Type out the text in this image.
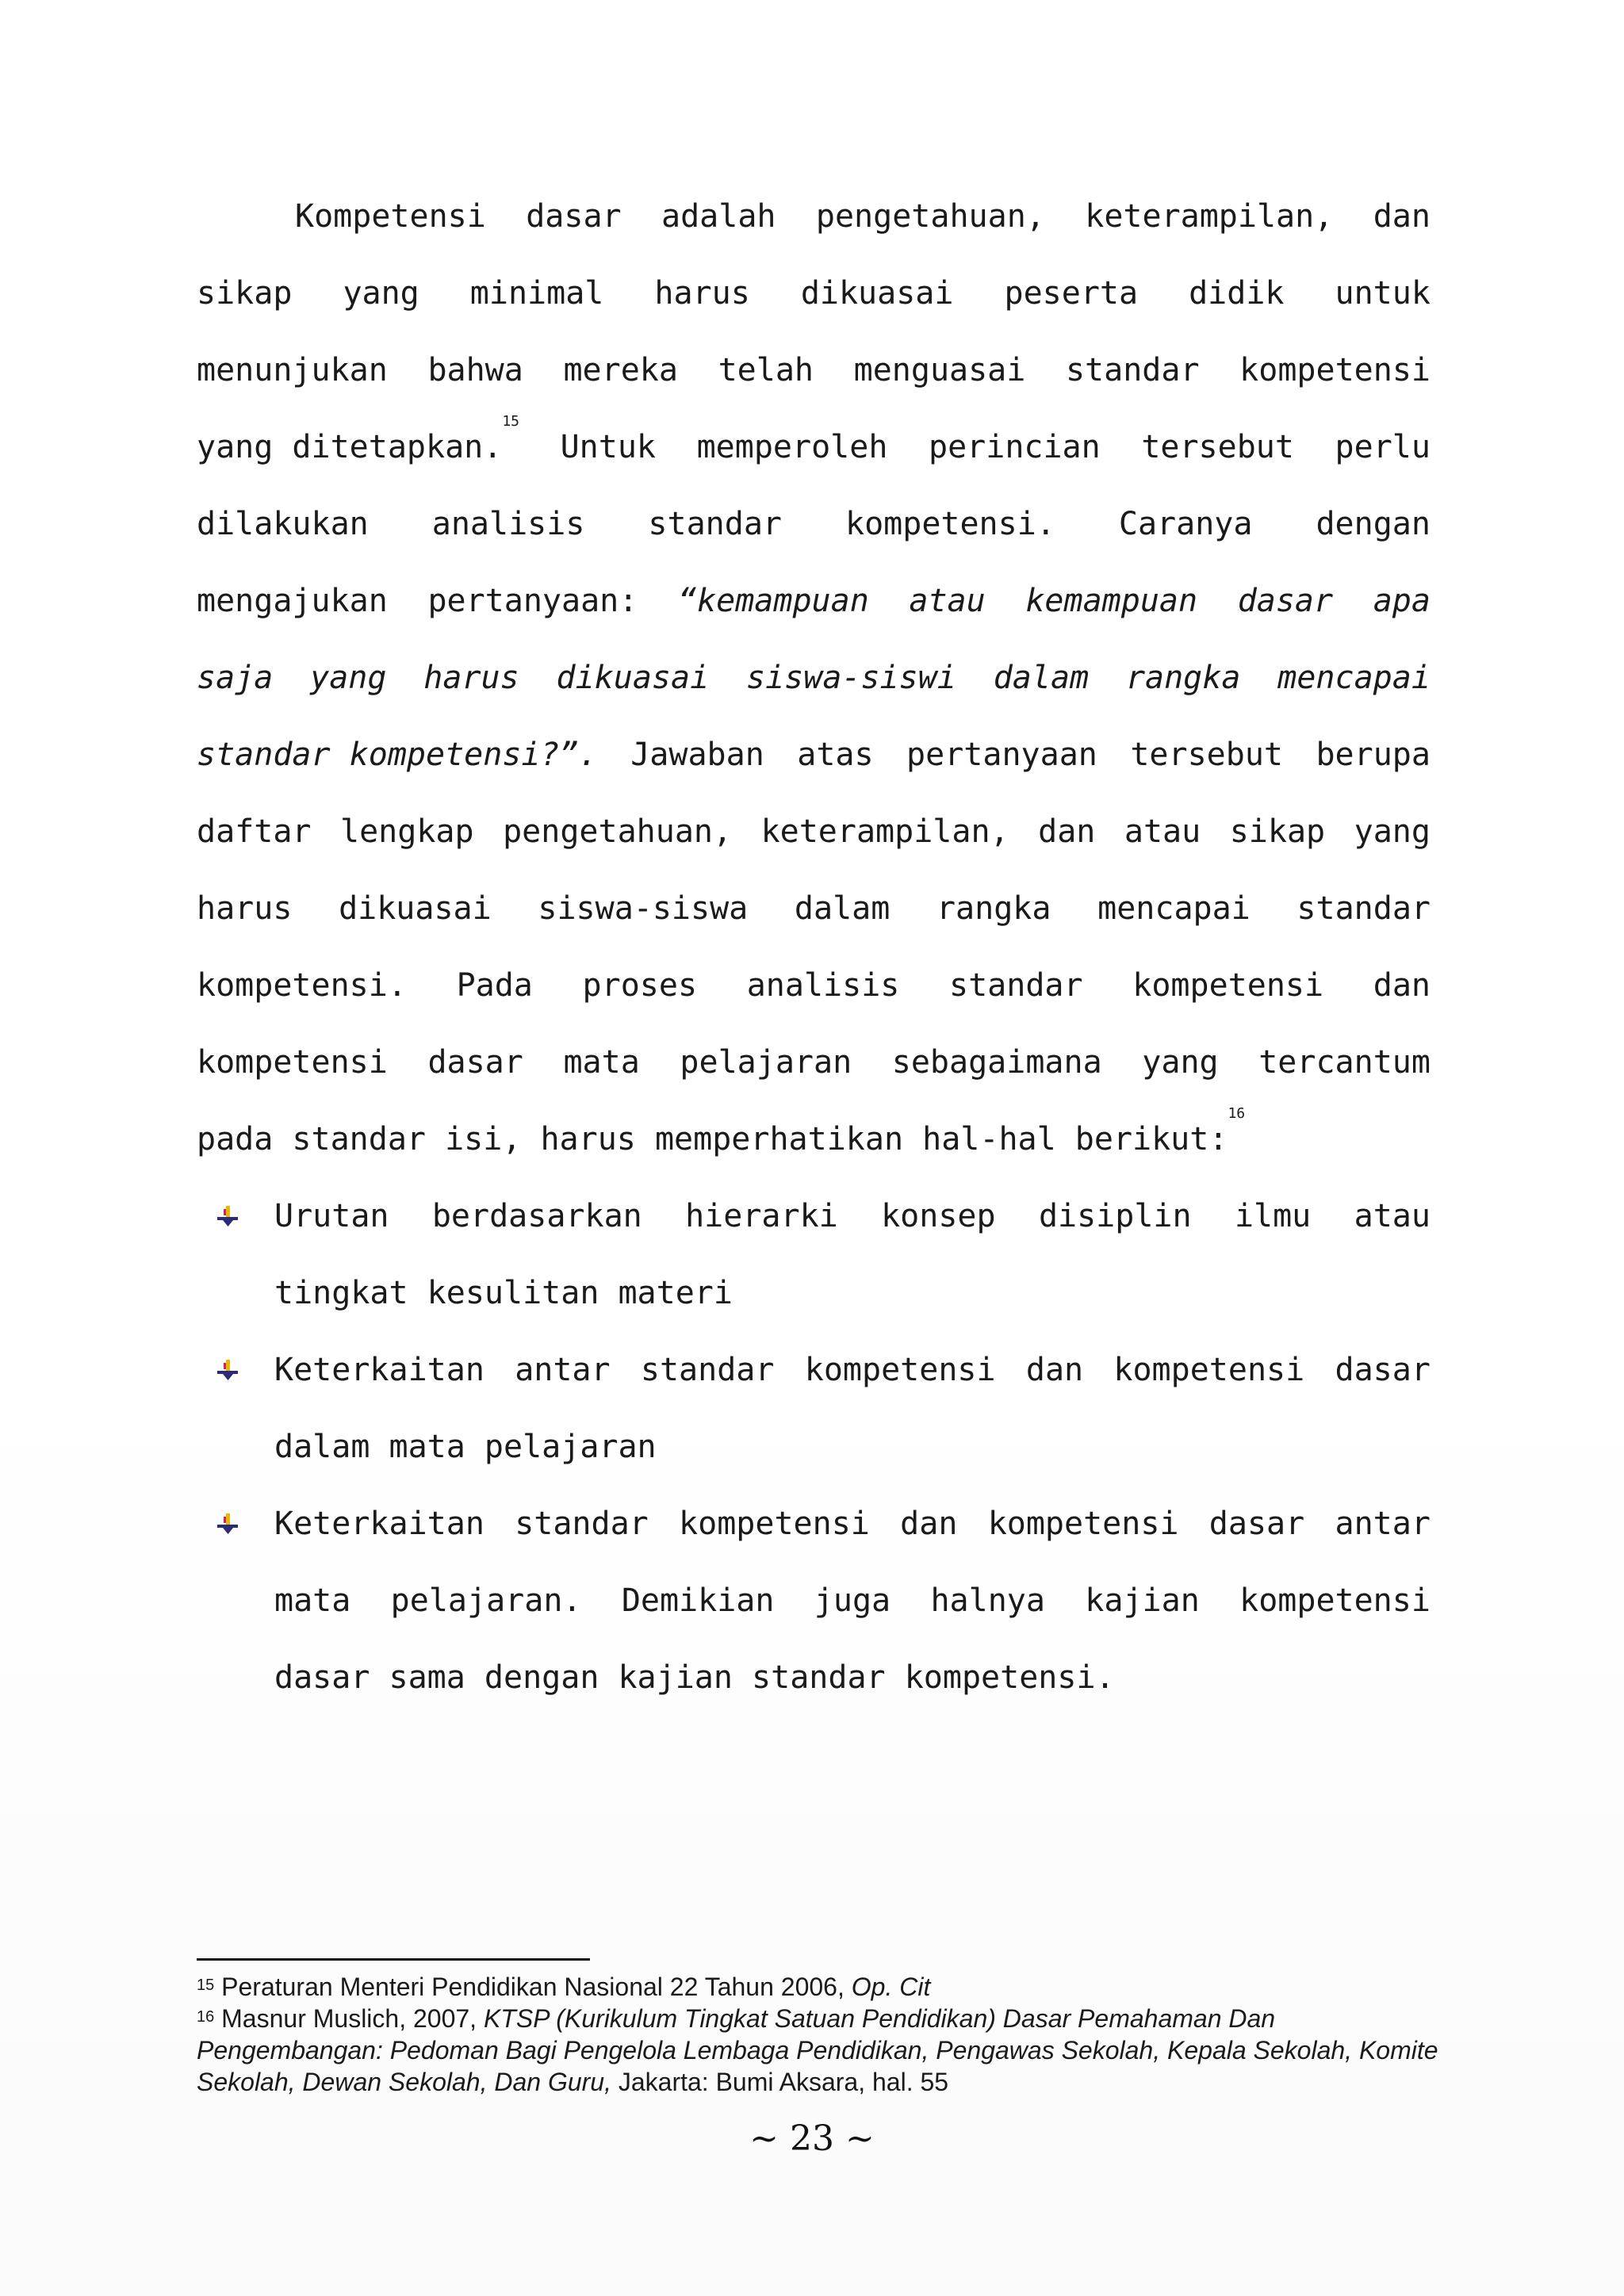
Kompetensi dasar adalah pengetahuan, keterampilan, dan
sikap yang minimal harus dikuasai peserta didik untuk
menunjukan bahwa mereka telah menguasai standar kompetensi
yang ditetapkan.$^{15}$
Untuk memperoleh perincian tersebut perlu
dilakukan analisis standar kompetensi. Caranya dengan
mengajukan pertanyaan: “kemampuan atau kemampuan dasar apa
saja yang harus dikuasai siswa-siswi dalam rangka mencapai
standar kompetensi?”. Jawaban atas pertanyaan tersebut berupa
daftar lengkap pengetahuan, keterampilan, dan atau sikap yang
harus dikuasai siswa-siswa dalam rangka mencapai standar
kompetensi. Pada proses analisis standar kompetensi dan
kompetensi dasar mata pelajaran sebagaimana yang tercantum
pada standar isi, harus memperhatikan hal-hal berikut:$^{16}$
Urutan berdasarkan hierarki konsep disiplin ilmu atau
tingkat kesulitan materi
Keterkaitan antar standar kompetensi dan kompetensi dasar
dalam mata pelajaran
Keterkaitan standar kompetensi dan kompetensi dasar antar
mata pelajaran. Demikian juga halnya kajian kompetensi
dasar sama dengan kajian standar kompetensi.
$^{15}$ Peraturan Menteri Pendidikan Nasional 22 Tahun 2006, Op. Cit
$^{16}$ Masnur Muslich, 2007, KTSP (Kurikulum Tingkat Satuan Pendidikan) Dasar Pemahaman Dan Pengembangan: Pedoman Bagi Pengelola Lembaga Pendidikan, Pengawas Sekolah, Kepala Sekolah, Komite Sekolah, Dewan Sekolah, Dan Guru, Jakarta: Bumi Aksara, hal. 55
~ 23 ~
